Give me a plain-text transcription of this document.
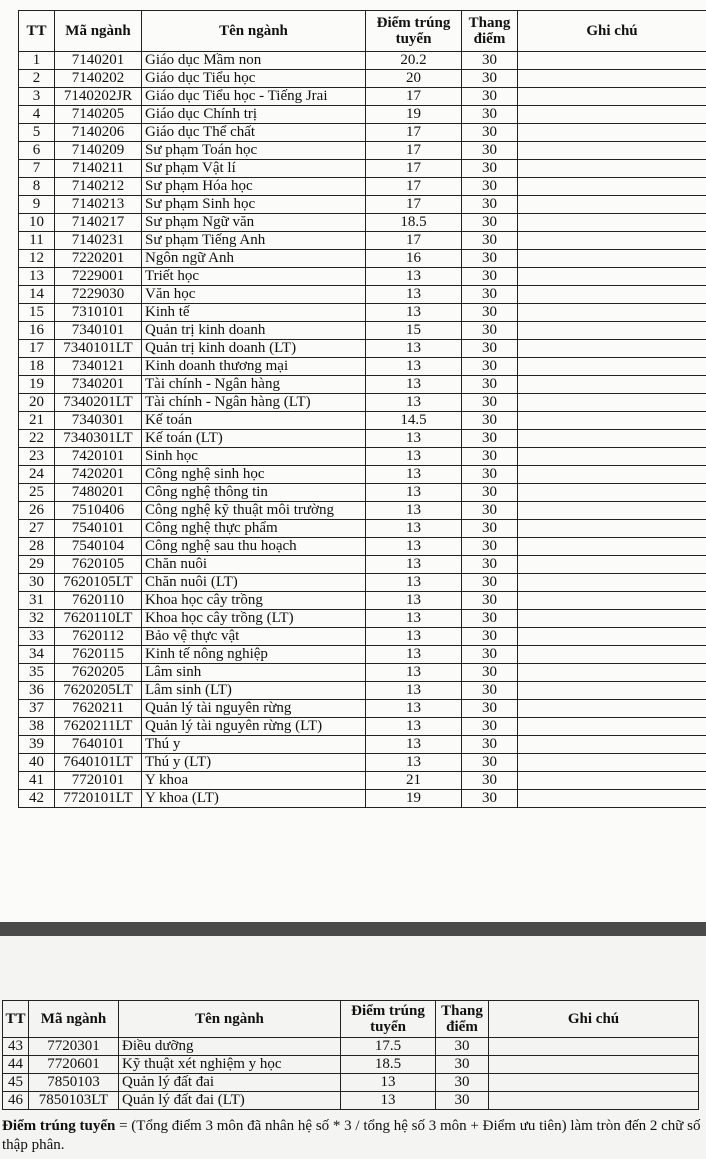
TT	Mã ngành	Tên ngành	Điểm trúng tuyển	Thang điểm	Ghi chú
1	7140201	Giáo dục Mầm non	20.2	30	
2	7140202	Giáo dục Tiểu học	20	30	
3	7140202JR	Giáo dục Tiểu học - Tiếng Jrai	17	30	
4	7140205	Giáo dục Chính trị	19	30	
5	7140206	Giáo dục Thể chất	17	30	
6	7140209	Sư phạm Toán học	17	30	
7	7140211	Sư phạm Vật lí	17	30	
8	7140212	Sư phạm Hóa học	17	30	
9	7140213	Sư phạm Sinh học	17	30	
10	7140217	Sư phạm Ngữ văn	18.5	30	
11	7140231	Sư phạm Tiếng Anh	17	30	
12	7220201	Ngôn ngữ Anh	16	30	
13	7229001	Triết học	13	30	
14	7229030	Văn học	13	30	
15	7310101	Kinh tế	13	30	
16	7340101	Quản trị kinh doanh	15	30	
17	7340101LT	Quản trị kinh doanh (LT)	13	30	
18	7340121	Kinh doanh thương mại	13	30	
19	7340201	Tài chính - Ngân hàng	13	30	
20	7340201LT	Tài chính - Ngân hàng (LT)	13	30	
21	7340301	Kế toán	14.5	30	
22	7340301LT	Kế toán (LT)	13	30	
23	7420101	Sinh học	13	30	
24	7420201	Công nghệ sinh học	13	30	
25	7480201	Công nghệ thông tin	13	30	
26	7510406	Công nghệ kỹ thuật môi trường	13	30	
27	7540101	Công nghệ thực phẩm	13	30	
28	7540104	Công nghệ sau thu hoạch	13	30	
29	7620105	Chăn nuôi	13	30	
30	7620105LT	Chăn nuôi (LT)	13	30	
31	7620110	Khoa học cây trồng	13	30	
32	7620110LT	Khoa học cây trồng (LT)	13	30	
33	7620112	Bảo vệ thực vật	13	30	
34	7620115	Kinh tế nông nghiệp	13	30	
35	7620205	Lâm sinh	13	30	
36	7620205LT	Lâm sinh (LT)	13	30	
37	7620211	Quản lý tài nguyên rừng	13	30	
38	7620211LT	Quản lý tài nguyên rừng (LT)	13	30	
39	7640101	Thú y	13	30	
40	7640101LT	Thú y (LT)	13	30	
41	7720101	Y khoa	21	30	
42	7720101LT	Y khoa (LT)	19	30	
TT	Mã ngành	Tên ngành	Điểm trúng tuyển	Thang điểm	Ghi chú
43	7720301	Điều dưỡng	17.5	30	
44	7720601	Kỹ thuật xét nghiệm y học	18.5	30	
45	7850103	Quản lý đất đai	13	30	
46	7850103LT	Quản lý đất đai (LT)	13	30	
Điểm trúng tuyển = (Tổng điểm 3 môn đã nhân hệ số * 3 / tổng hệ số 3 môn + Điểm ưu tiên) làm tròn đến 2 chữ số thập phân.
